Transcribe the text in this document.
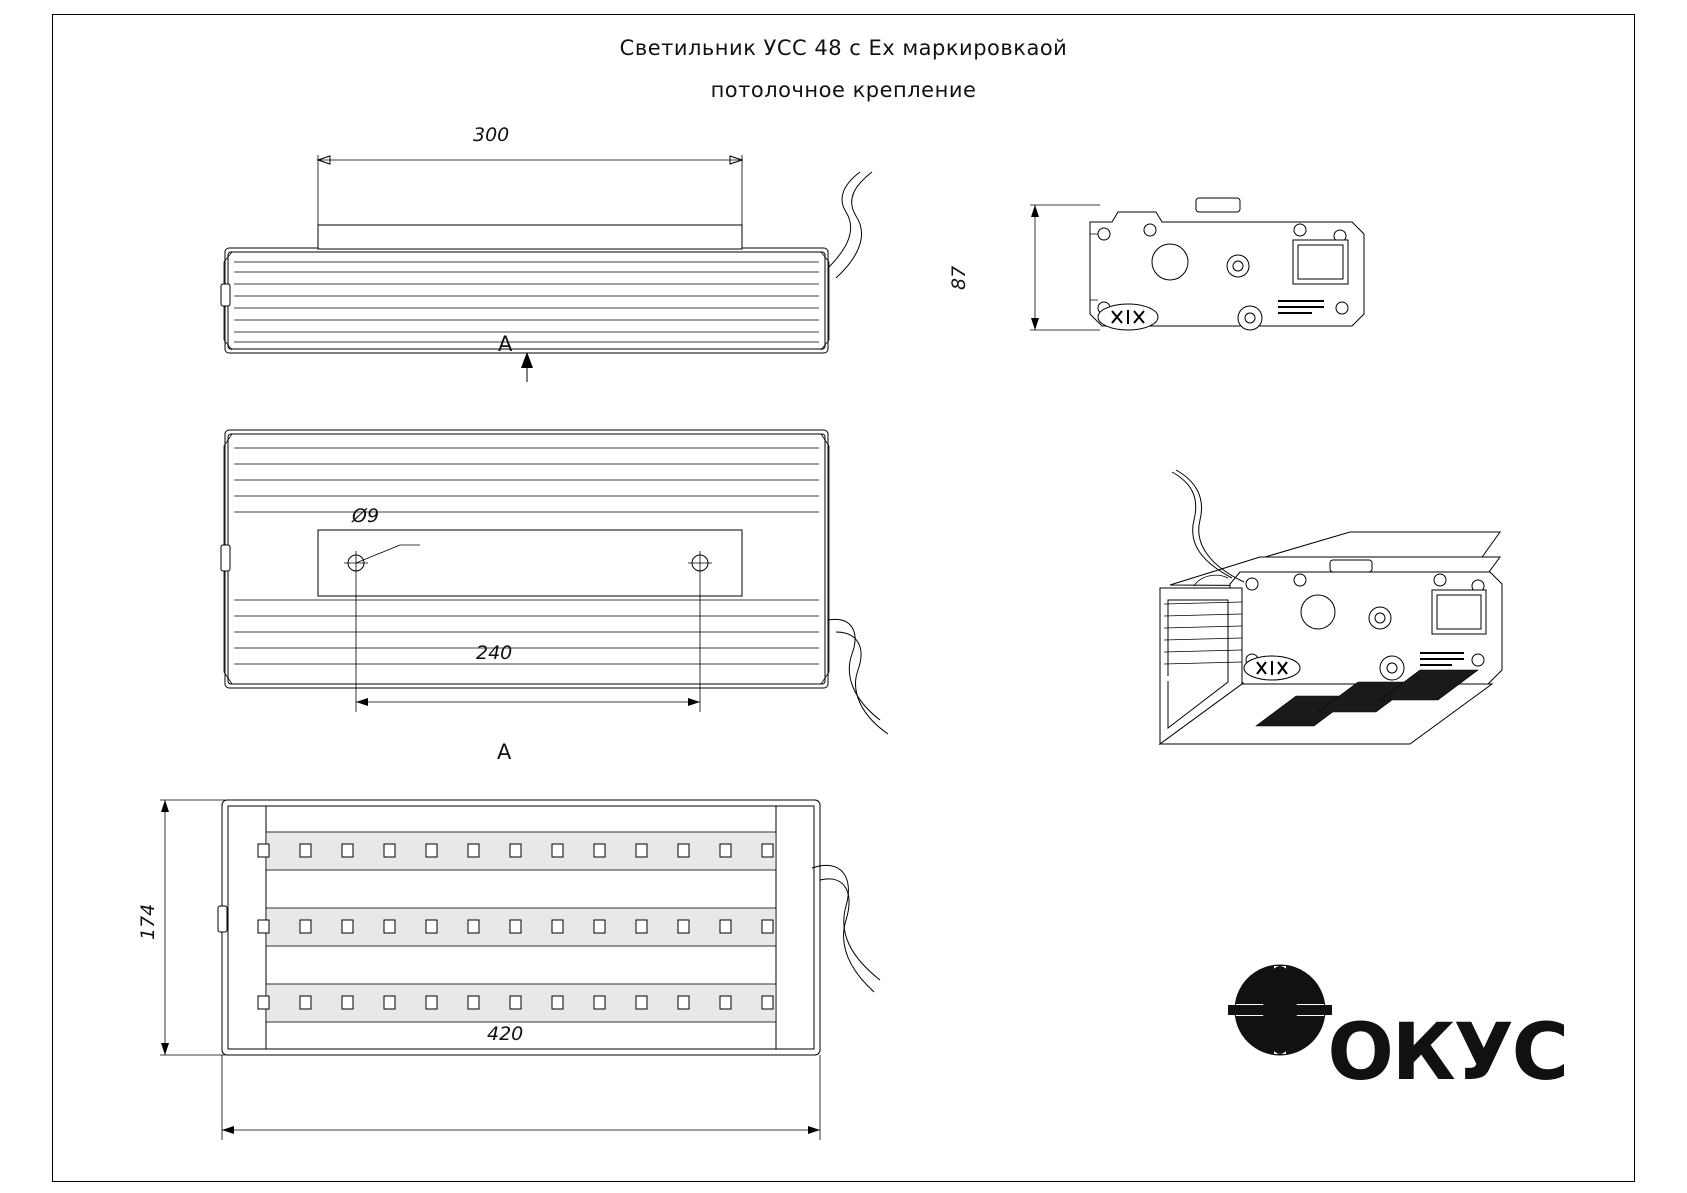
Светильник УСС 48 с Ex маркировкаой
потолочное крепление
300
240
Ø9
87
174
420
A
A
ОКУС
